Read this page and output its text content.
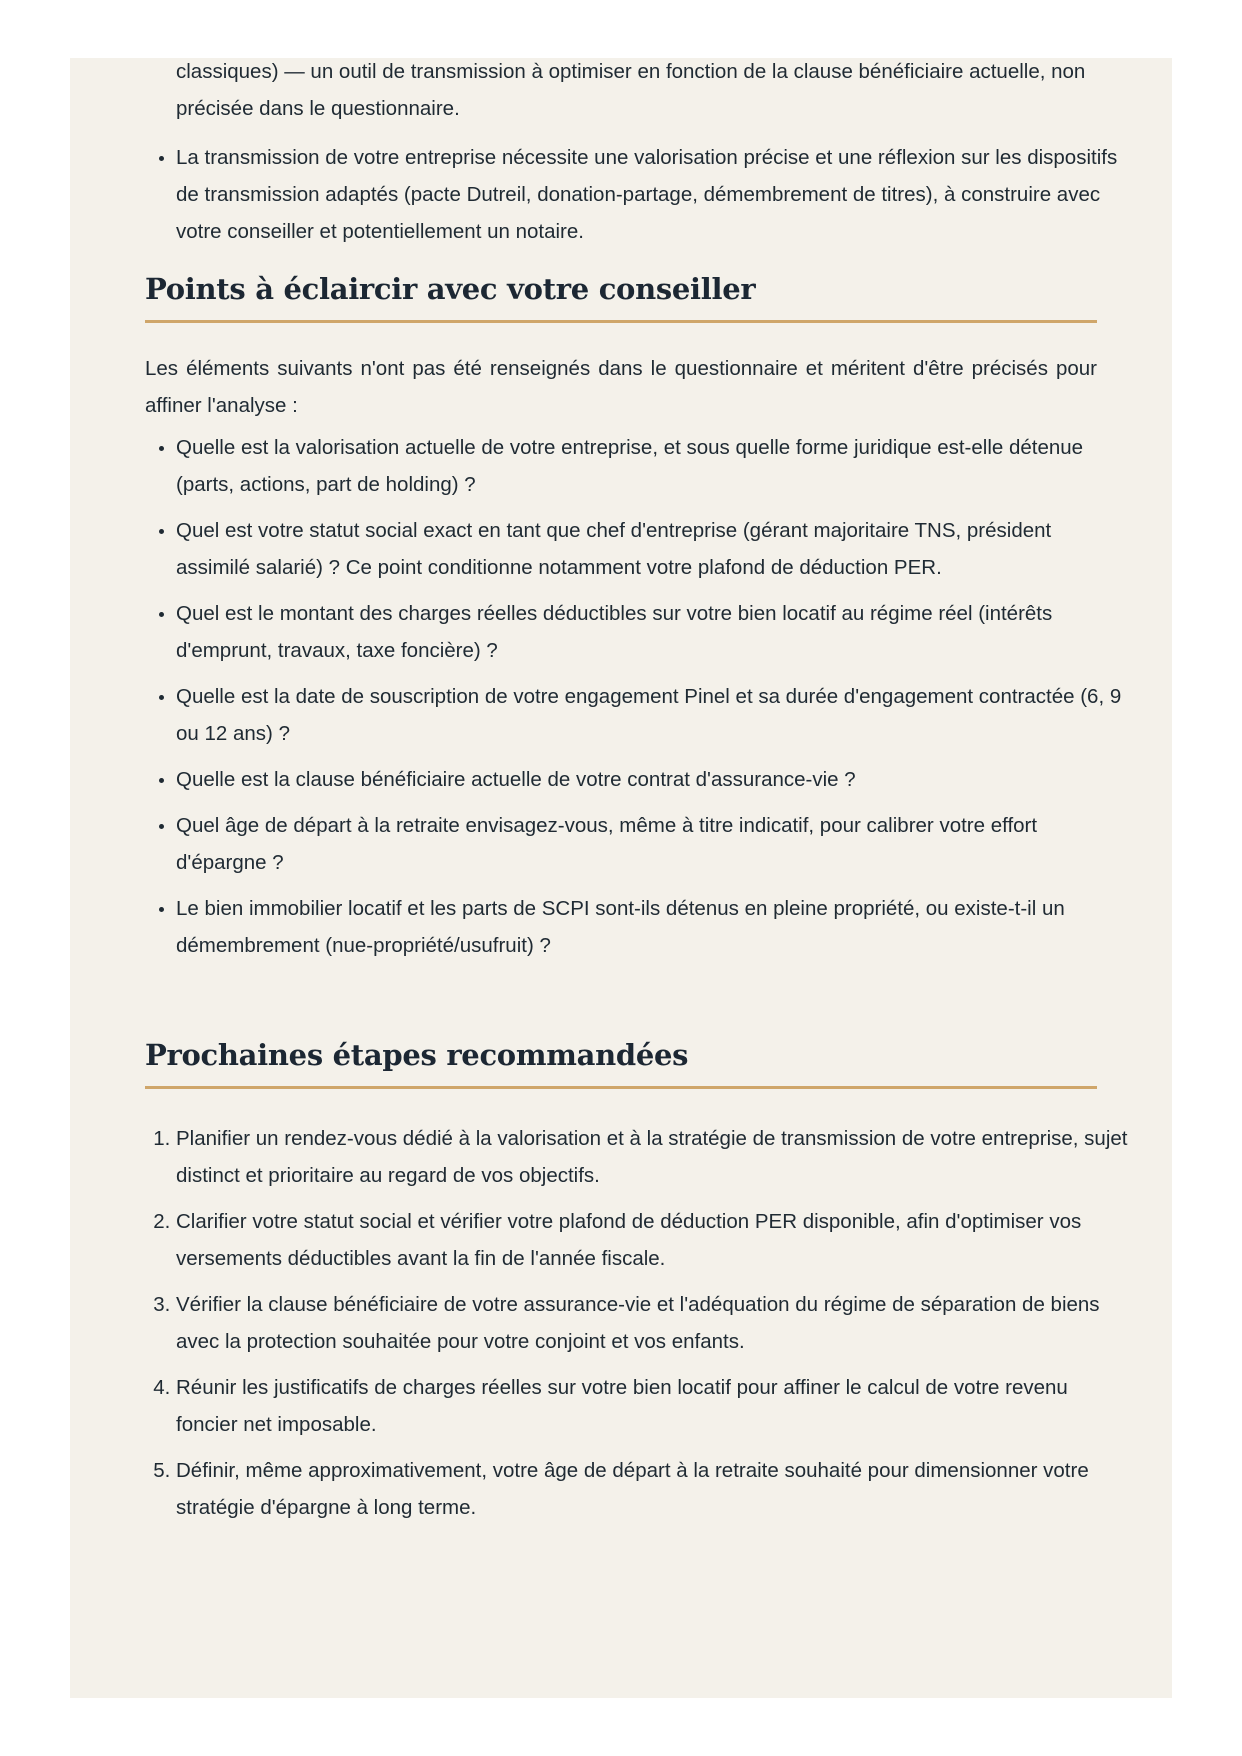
classiques) — un outil de transmission à optimiser en fonction de la clause bénéficiaire actuelle, non précisée dans le questionnaire.
• La transmission de votre entreprise nécessite une valorisation précise et une réflexion sur les dispositifs de transmission adaptés (pacte Dutreil, donation-partage, démembrement de titres), à construire avec votre conseiller et potentiellement un notaire.
Points à éclaircir avec votre conseiller

Les éléments suivants n'ont pas été renseignés dans le questionnaire et méritent d'être précisés pour affiner l'analyse :

• Quelle est la valorisation actuelle de votre entreprise, et sous quelle forme juridique est-elle détenue (parts, actions, part de holding) ?
• Quel est votre statut social exact en tant que chef d'entreprise (gérant majoritaire TNS, président assimilé salarié) ? Ce point conditionne notamment votre plafond de déduction PER.
• Quel est le montant des charges réelles déductibles sur votre bien locatif au régime réel (intérêts d'emprunt, travaux, taxe foncière) ?
• Quelle est la date de souscription de votre engagement Pinel et sa durée d'engagement contractée (6, 9 ou 12 ans) ?
• Quelle est la clause bénéficiaire actuelle de votre contrat d'assurance-vie ?
• Quel âge de départ à la retraite envisagez-vous, même à titre indicatif, pour calibrer votre effort d'épargne ?
• Le bien immobilier locatif et les parts de SCPI sont-ils détenus en pleine propriété, ou existe-t-il un démembrement (nue-propriété/usufruit) ?
Prochaines étapes recommandées
1. Planifier un rendez-vous dédié à la valorisation et à la stratégie de transmission de votre entreprise, sujet distinct et prioritaire au regard de vos objectifs.
2. Clarifier votre statut social et vérifier votre plafond de déduction PER disponible, afin d'optimiser vos versements déductibles avant la fin de l'année fiscale.
3. Vérifier la clause bénéficiaire de votre assurance-vie et l'adéquation du régime de séparation de biens avec la protection souhaitée pour votre conjoint et vos enfants.
4. Réunir les justificatifs de charges réelles sur votre bien locatif pour affiner le calcul de votre revenu foncier net imposable.
5. Définir, même approximativement, votre âge de départ à la retraite souhaité pour dimensionner votre stratégie d'épargne à long terme.
